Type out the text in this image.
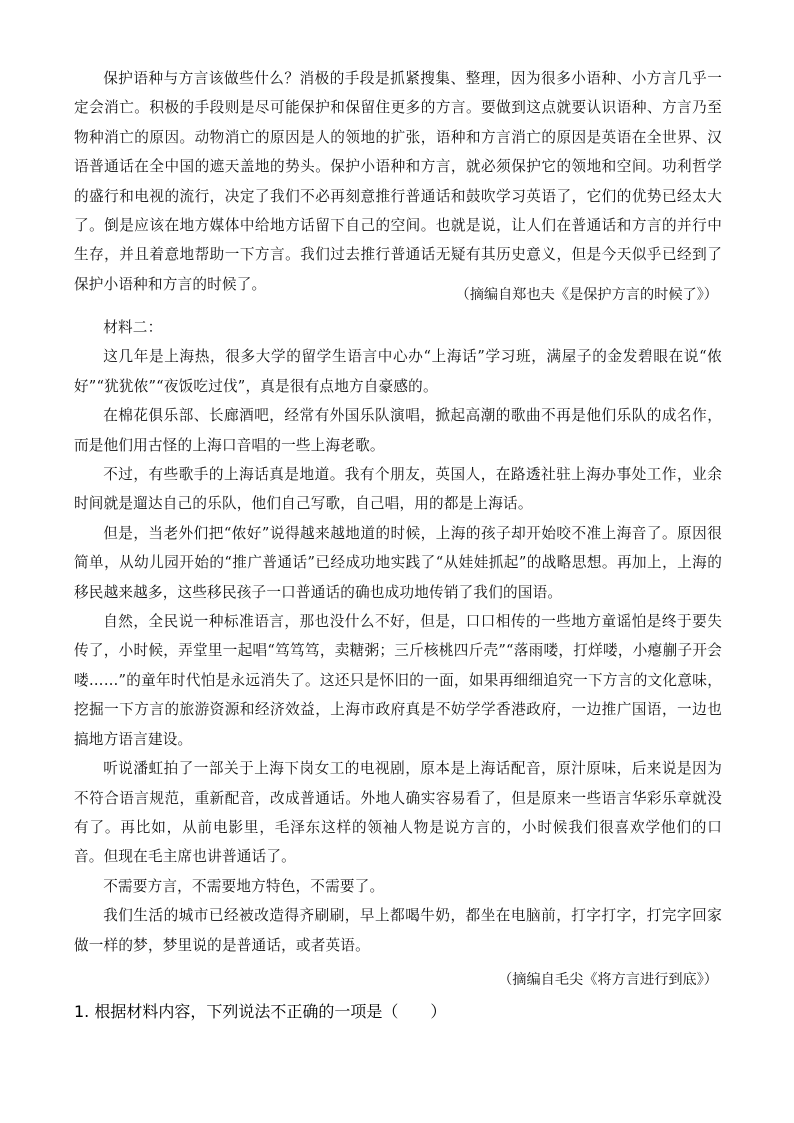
保护语种与方言该做些什么？消极的手段是抓紧搜集、整理，因为很多小语种、小方言几乎一定会消亡。积极的手段则是尽可能保护和保留住更多的方言。要做到这点就要认识语种、方言乃至物种消亡的原因。动物消亡的原因是人的领地的扩张，语种和方言消亡的原因是英语在全世界、汉语普通话在全中国的遮天盖地的势头。保护小语种和方言，就必须保护它的领地和空间。功利哲学的盛行和电视的流行，决定了我们不必再刻意推行普通话和鼓吹学习英语了，它们的优势已经太大了。倒是应该在地方媒体中给地方话留下自己的空间。也就是说，让人们在普通话和方言的并行中生存，并且着意地帮助一下方言。我们过去推行普通话无疑有其历史意义，但是今天似乎已经到了保护小语种和方言的时候了。

（摘编自郑也夫《是保护方言的时候了》）

材料二：

这几年是上海热，很多大学的留学生语言中心办“上海话”学习班，满屋子的金发碧眼在说“侬好”“犹犹侬”“夜饭吃过伐”，真是很有点地方自豪感的。

在棉花俱乐部、长廊酒吧，经常有外国乐队演唱，掀起高潮的歌曲不再是他们乐队的成名作，而是他们用古怪的上海口音唱的一些上海老歌。

不过，有些歌手的上海话真是地道。我有个朋友，英国人，在路透社驻上海办事处工作，业余时间就是遛达自己的乐队，他们自己写歌，自己唱，用的都是上海话。

但是，当老外们把“侬好”说得越来越地道的时候，上海的孩子却开始咬不准上海音了。原因很简单，从幼儿园开始的“推广普通话”已经成功地实践了“从娃娃抓起”的战略思想。再加上，上海的移民越来越多，这些移民孩子一口普通话的确也成功地传销了我们的国语。

自然，全民说一种标准语言，那也没什么不好，但是，口口相传的一些地方童谣怕是终于要失传了，小时候，弄堂里一起唱“笃笃笃，卖糖粥；三斤核桃四斤壳”“落雨喽，打烊喽，小瘪蒯子开会喽……”的童年时代怕是永远消失了。这还只是怀旧的一面，如果再细细追究一下方言的文化意味，挖掘一下方言的旅游资源和经济效益，上海市政府真是不妨学学香港政府，一边推广国语，一边也搞地方语言建设。

听说潘虹拍了一部关于上海下岗女工的电视剧，原本是上海话配音，原汁原味，后来说是因为不符合语言规范，重新配音，改成普通话。外地人确实容易看了，但是原来一些语言华彩乐章就没有了。再比如，从前电影里，毛泽东这样的领袖人物是说方言的，小时候我们很喜欢学他们的口音。但现在毛主席也讲普通话了。

不需要方言，不需要地方特色，不需要了。

我们生活的城市已经被改造得齐刷刷，早上都喝牛奶，都坐在电脑前，打字打字，打完字回家做一样的梦，梦里说的是普通话，或者英语。

（摘编自毛尖《将方言进行到底》）
1. 根据材料内容，下列说法不正确的一项是（　　）
